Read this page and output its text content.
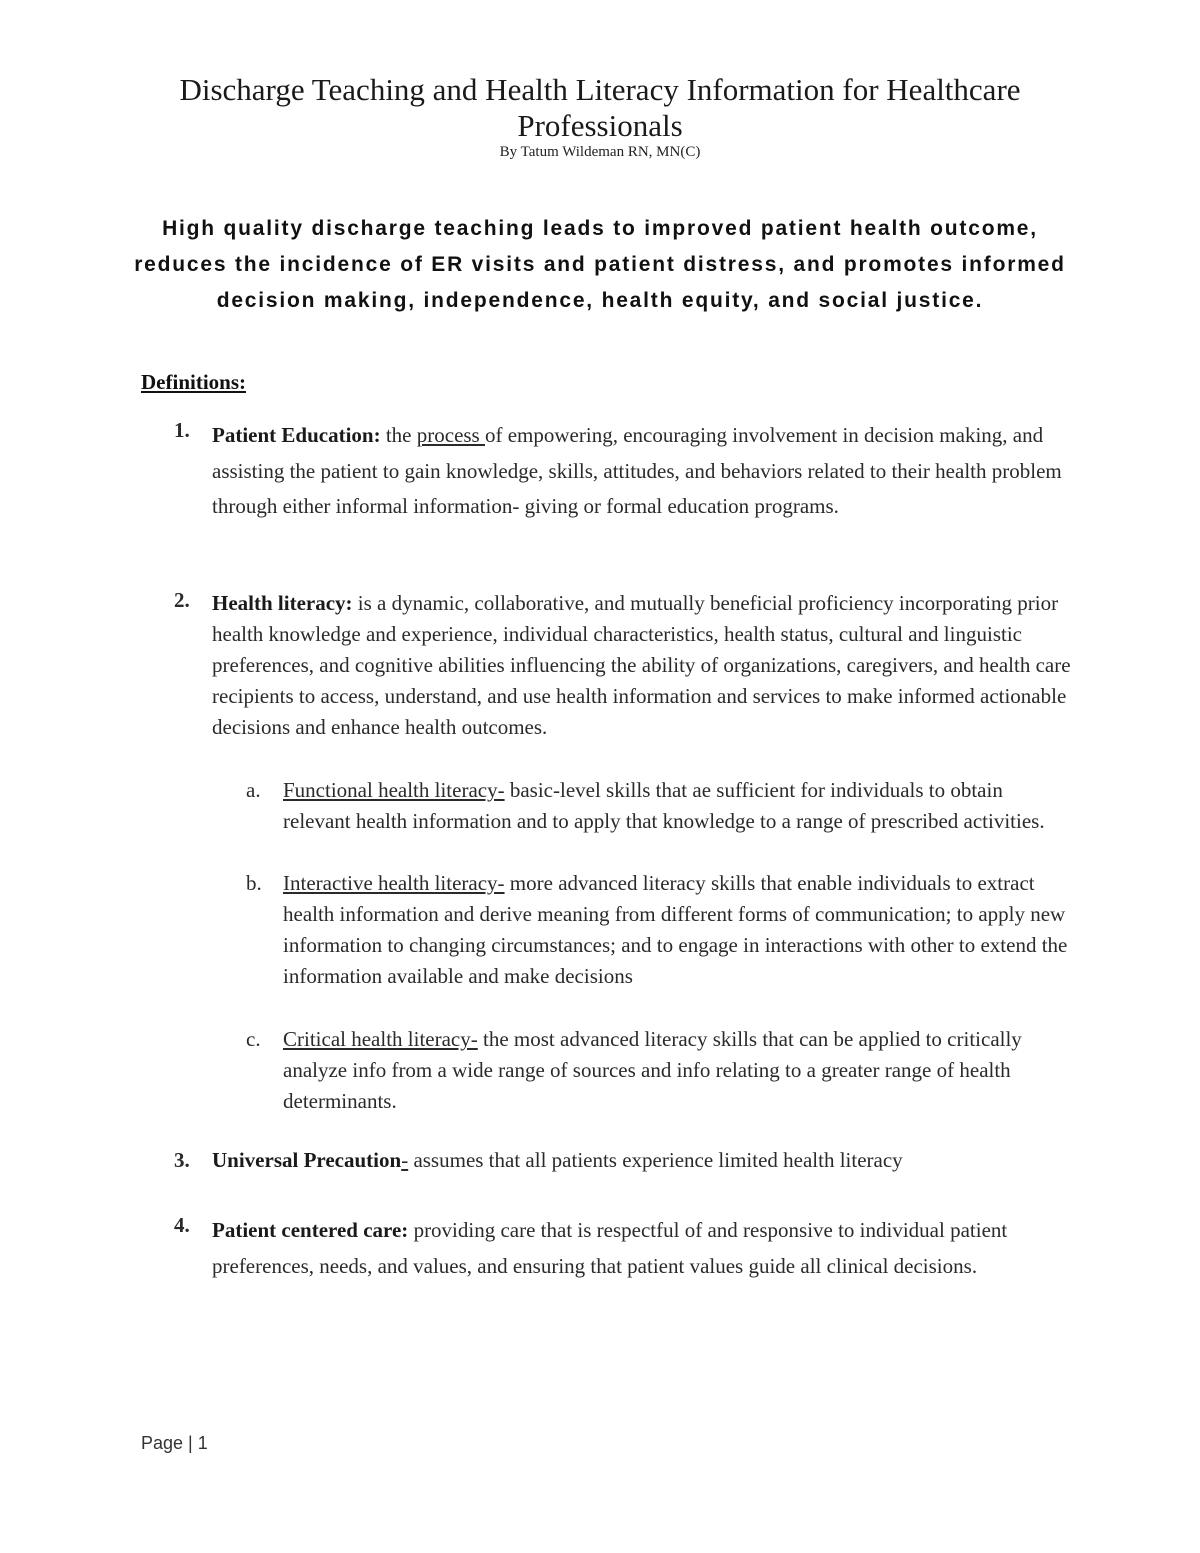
Discharge Teaching and Health Literacy Information for Healthcare Professionals
By Tatum Wildeman RN, MN(C)
High quality discharge teaching leads to improved patient health outcome, reduces the incidence of ER visits and patient distress, and promotes informed decision making, independence, health equity, and social justice.
Definitions:
1. Patient Education: the process of empowering, encouraging involvement in decision making, and assisting the patient to gain knowledge, skills, attitudes, and behaviors related to their health problem through either informal information- giving or formal education programs.
2. Health literacy: is a dynamic, collaborative, and mutually beneficial proficiency incorporating prior health knowledge and experience, individual characteristics, health status, cultural and linguistic preferences, and cognitive abilities influencing the ability of organizations, caregivers, and health care recipients to access, understand, and use health information and services to make informed actionable decisions and enhance health outcomes.
a. Functional health literacy- basic-level skills that ae sufficient for individuals to obtain relevant health information and to apply that knowledge to a range of prescribed activities.
b. Interactive health literacy- more advanced literacy skills that enable individuals to extract health information and derive meaning from different forms of communication; to apply new information to changing circumstances; and to engage in interactions with other to extend the information available and make decisions
c. Critical health literacy- the most advanced literacy skills that can be applied to critically analyze info from a wide range of sources and info relating to a greater range of health determinants.
3. Universal Precaution- assumes that all patients experience limited health literacy
4. Patient centered care: providing care that is respectful of and responsive to individual patient preferences, needs, and values, and ensuring that patient values guide all clinical decisions.
Page | 1
